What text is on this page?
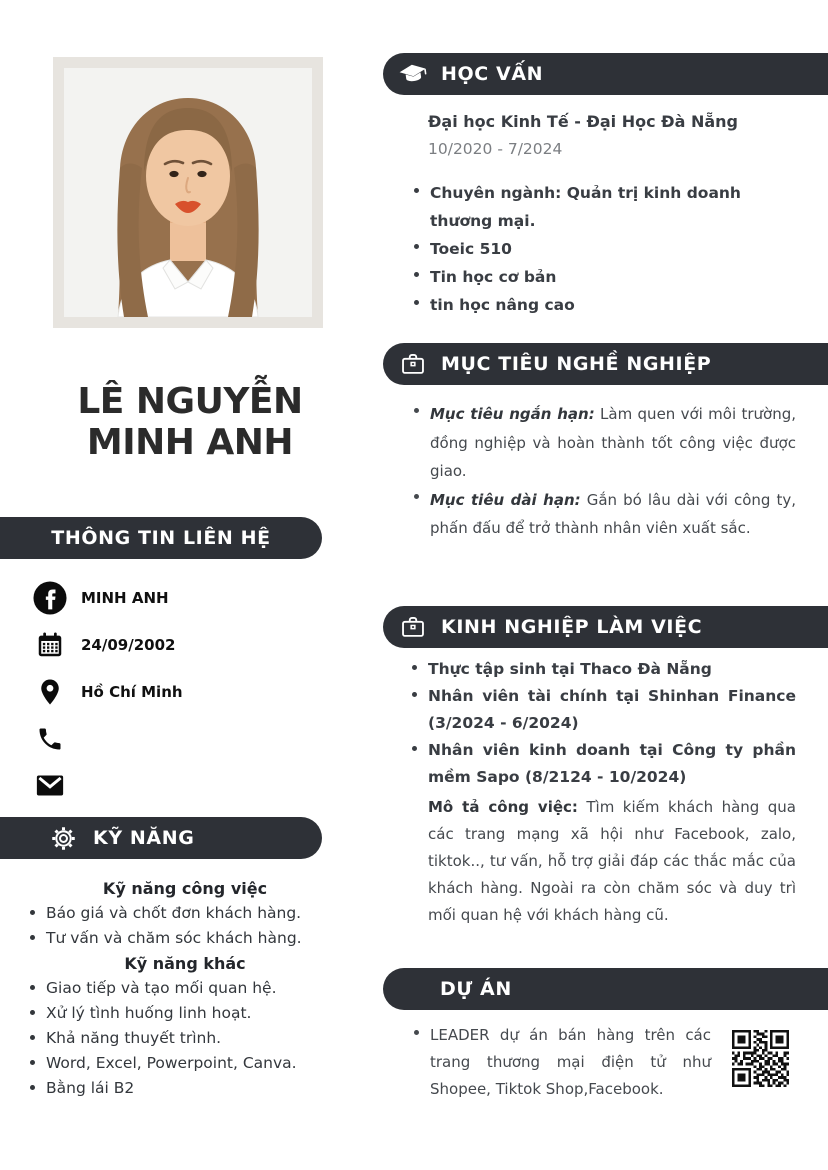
LÊ NGUYỄN
MINH ANH
THÔNG TIN LIÊN HỆ
MINH ANH
24/09/2002
Hồ Chí Minh
KỸ NĂNG
Kỹ năng công việc
Báo giá và chốt đơn khách hàng.
Tư vấn và chăm sóc khách hàng.
Kỹ năng khác
Giao tiếp và tạo mối quan hệ.
Xử lý tình huống linh hoạt.
Khả năng thuyết trình.
Word, Excel, Powerpoint, Canva.
Bằng lái B2
HỌC VẤN
Đại học Kinh Tế - Đại Học Đà Nẵng
10/2020 - 7/2024
Chuyên ngành: Quản trị kinh doanh thương mại.
Toeic 510
Tin học cơ bản
tin học nâng cao
MỤC TIÊU NGHỀ NGHIỆP
Mục tiêu ngắn hạn: Làm quen với môi trường, đồng nghiệp và hoàn thành tốt công việc được giao.
Mục tiêu dài hạn: Gắn bó lâu dài với công ty, phấn đấu để trở thành nhân viên xuất sắc.
KINH NGHIỆP LÀM VIỆC
Thực tập sinh tại Thaco Đà Nẵng
Nhân viên tài chính tại Shinhan Finance (3/2024 - 6/2024)
Nhân viên kinh doanh tại Công ty phần mềm Sapo (8/2124 - 10/2024)

Mô tả công việc: Tìm kiếm khách hàng qua các trang mạng xã hội như Facebook, zalo, tiktok.., tư vấn, hỗ trợ giải đáp các thắc mắc của khách hàng. Ngoài ra còn chăm sóc và duy trì mối quan hệ với khách hàng cũ.

DỰ ÁN
LEADER dự án bán hàng trên các trang thương mại điện tử như Shopee, Tiktok Shop,Facebook.
